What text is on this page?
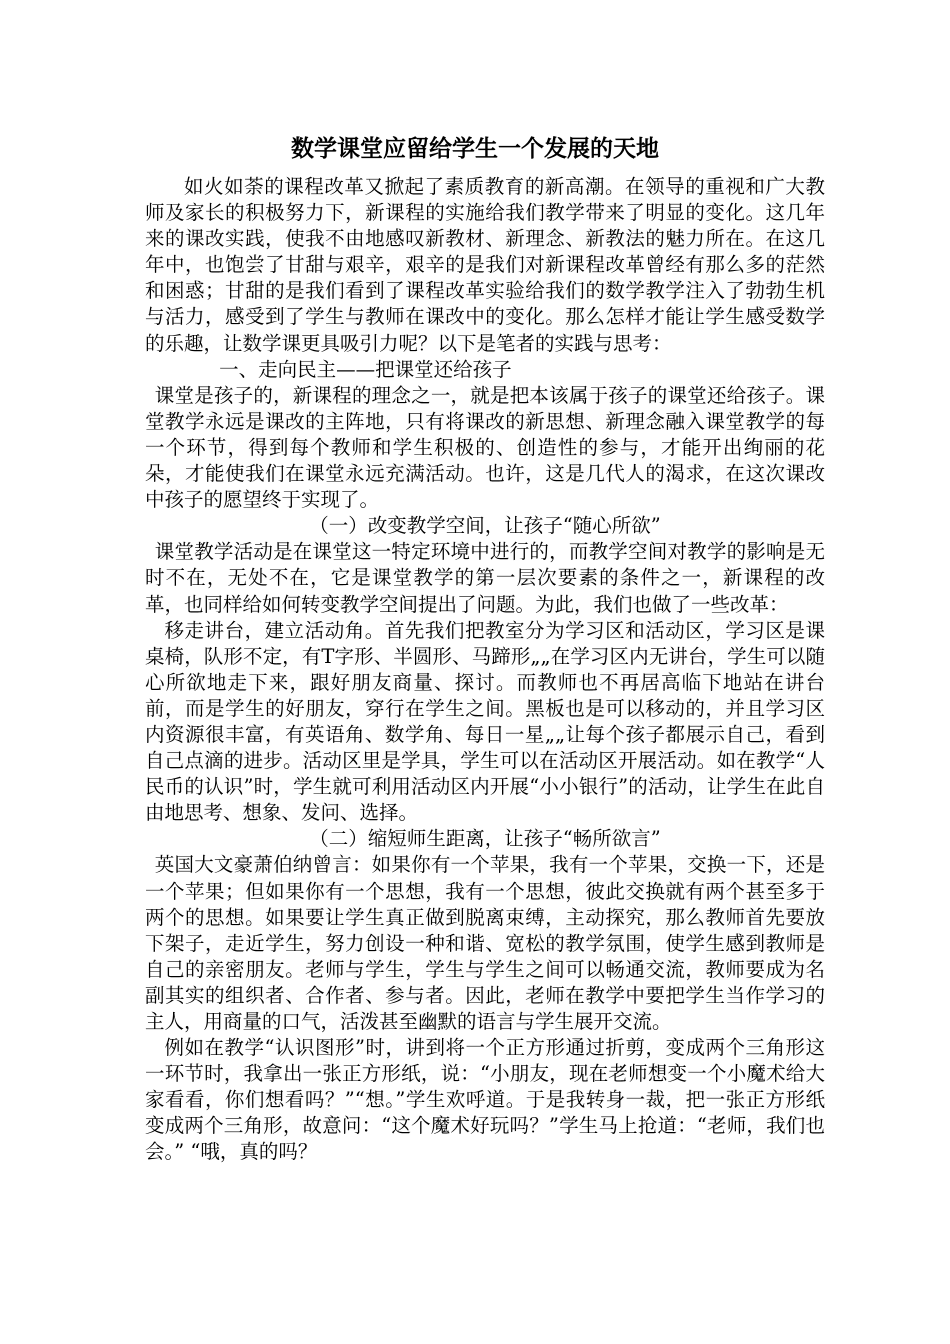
数学课堂应留给学生一个发展的天地

如火如荼的课程改革又掀起了素质教育的新高潮。在领导的重视和广大教师及家长的积极努力下，新课程的实施给我们教学带来了明显的变化。这几年来的课改实践，使我不由地感叹新教材、新理念、新教法的魅力所在。在这几年中，也饱尝了甘甜与艰辛，艰辛的是我们对新课程改革曾经有那么多的茫然和困惑；甘甜的是我们看到了课程改革实验给我们的数学教学注入了勃勃生机与活力，感受到了学生与教师在课改中的变化。那么怎样才能让学生感受数学的乐趣，让数学课更具吸引力呢？以下是笔者的实践与思考：

一、走向民主——把课堂还给孩子

课堂是孩子的，新课程的理念之一，就是把本该属于孩子的课堂还给孩子。课堂教学永远是课改的主阵地，只有将课改的新思想、新理念融入课堂教学的每一个环节，得到每个教师和学生积极的、创造性的参与，才能开出绚丽的花朵，才能使我们在课堂永远充满活动。也许，这是几代人的渴求，在这次课改中孩子的愿望终于实现了。

（一）改变教学空间，让孩子“随心所欲”

课堂教学活动是在课堂这一特定环境中进行的，而教学空间对教学的影响是无时不在，无处不在，它是课堂教学的第一层次要素的条件之一，新课程的改革，也同样给如何转变教学空间提出了问题。为此，我们也做了一些改革：

移走讲台，建立活动角。首先我们把教室分为学习区和活动区，学习区是课桌椅，队形不定，有T字形、半圆形、马蹄形„„在学习区内无讲台，学生可以随心所欲地走下来，跟好朋友商量、探讨。而教师也不再居高临下地站在讲台前，而是学生的好朋友，穿行在学生之间。黑板也是可以移动的，并且学习区内资源很丰富，有英语角、数学角、每日一星„„让每个孩子都展示自己，看到自己点滴的进步。活动区里是学具，学生可以在活动区开展活动。如在教学“人民币的认识”时，学生就可利用活动区内开展“小小银行”的活动，让学生在此自由地思考、想象、发问、选择。

（二）缩短师生距离，让孩子“畅所欲言”

英国大文豪萧伯纳曾言：如果你有一个苹果，我有一个苹果，交换一下，还是一个苹果；但如果你有一个思想，我有一个思想，彼此交换就有两个甚至多于两个的思想。如果要让学生真正做到脱离束缚，主动探究，那么教师首先要放下架子，走近学生，努力创设一种和谐、宽松的教学氛围，使学生感到教师是自己的亲密朋友。老师与学生，学生与学生之间可以畅通交流，教师要成为名副其实的组织者、合作者、参与者。因此，老师在教学中要把学生当作学习的主人，用商量的口气，活泼甚至幽默的语言与学生展开交流。

例如在教学“认识图形”时，讲到将一个正方形通过折剪，变成两个三角形这一环节时，我拿出一张正方形纸，说：“小朋友，现在老师想变一个小魔术给大家看看，你们想看吗？”“想。”学生欢呼道。于是我转身一裁，把一张正方形纸变成两个三角形，故意问：“这个魔术好玩吗？”学生马上抢道：“老师，我们也会。” “哦，真的吗？
